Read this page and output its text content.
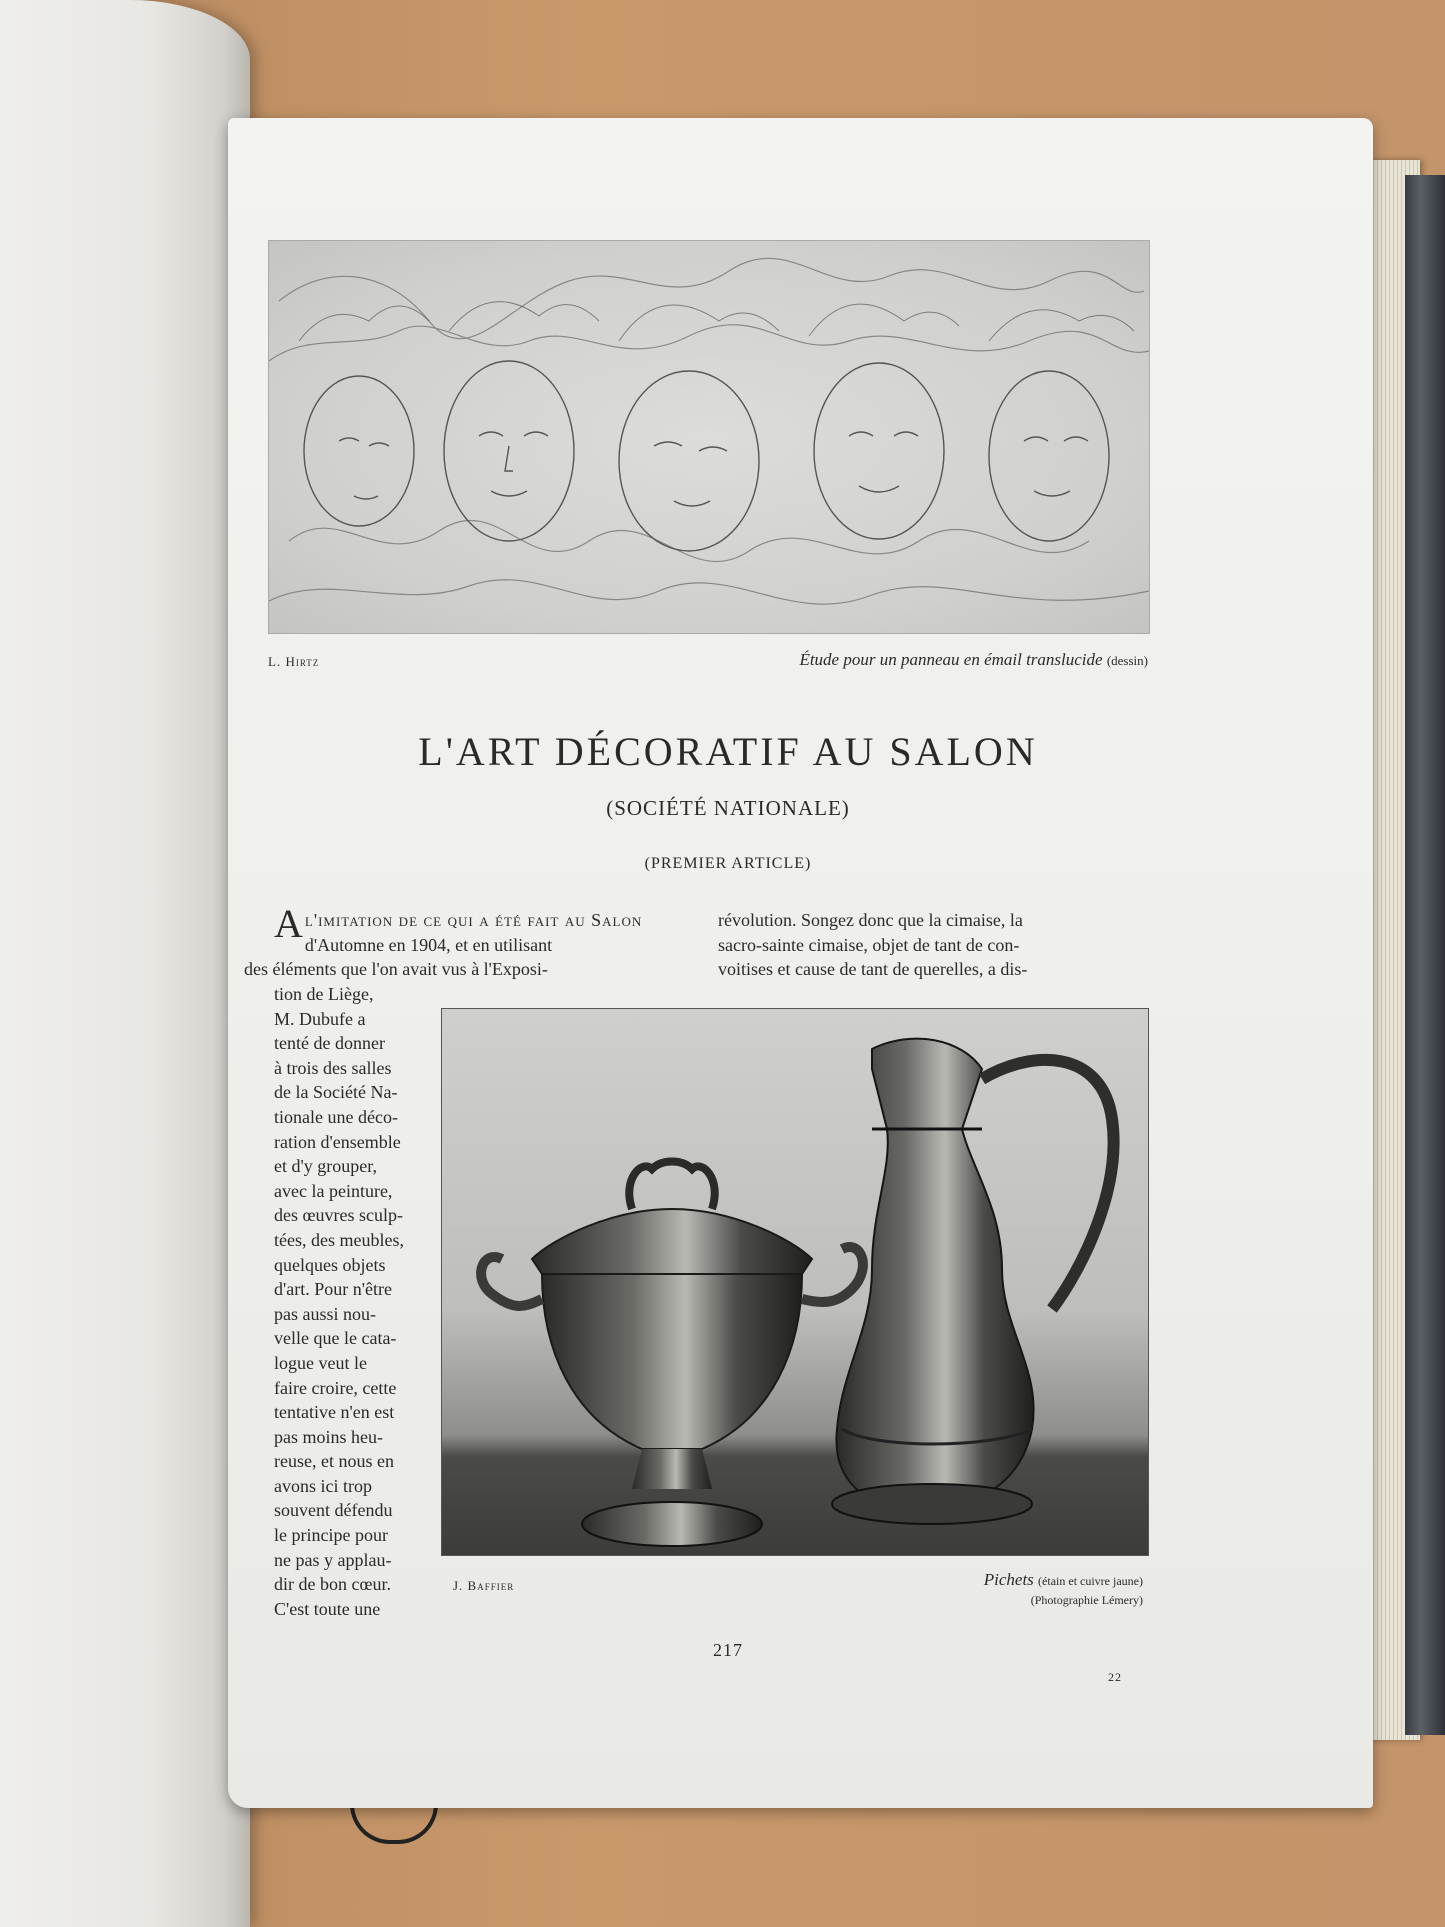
L. Hirtz	Étude pour un panneau en émail translucide (dessin)
L'ART DÉCORATIF AU SALON
(SOCIÉTÉ NATIONALE)
(PREMIER ARTICLE)
A l'imitation de ce qui a été fait au Salon
d'Automne en 1904, et en utilisant
des éléments que l'on avait vus à l'Exposi-
tion de Liège,
M. Dubufe a
tenté de donner
à trois des salles
de la Société Na-
tionale une déco-
ration d'ensemble
et d'y grouper,
avec la peinture,
des œuvres sculp-
tées, des meubles,
quelques objets
d'art. Pour n'être
pas aussi nou-
velle que le cata-
logue veut le
faire croire, cette
tentative n'en est
pas moins heu-
reuse, et nous en
avons ici trop
souvent défendu
le principe pour
ne pas y applau-
dir de bon cœur.
C'est toute une
révolution. Songez donc que la cimaise, la
sacro-sainte cimaise, objet de tant de con-
voitises et cause de tant de querelles, a dis-
J. Baffier	Pichets (étain et cuivre jaune)
(Photographie Lémery)
217
22
